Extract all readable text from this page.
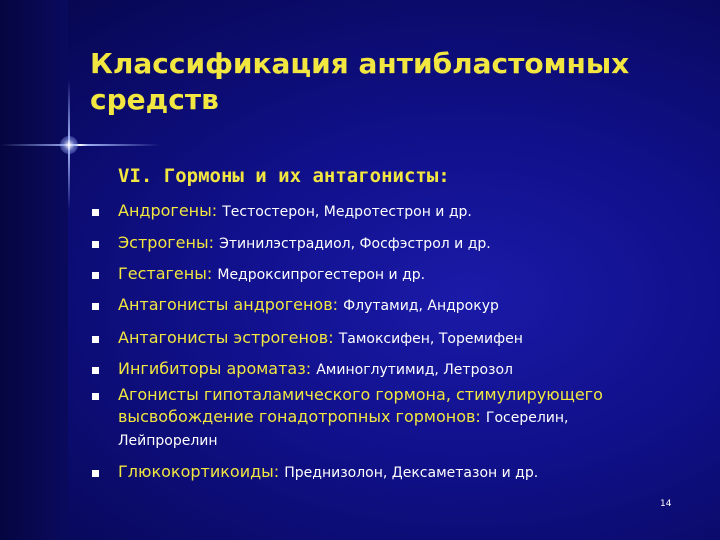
Классификация антибластомных средств
VI. Гормоны и их антагонисты:
Андрогены: Тестостерон, Медротестрон и др.
Эстрогены: Этинилэстрадиол, Фосфэстрол и др.
Гестагены: Медроксипрогестерон и др.
Антагонисты андрогенов: Флутамид, Андрокур
Антагонисты эстрогенов: Тамоксифен, Торемифен
Ингибиторы ароматаз: Аминоглутимид, Летрозол
Агонисты гипоталамического гормона, стимулирующего высвобождение гонадотропных гормонов: Госерелин, Лейпрорелин
Глюкокортикоиды: Преднизолон, Дексаметазон и др.
14
